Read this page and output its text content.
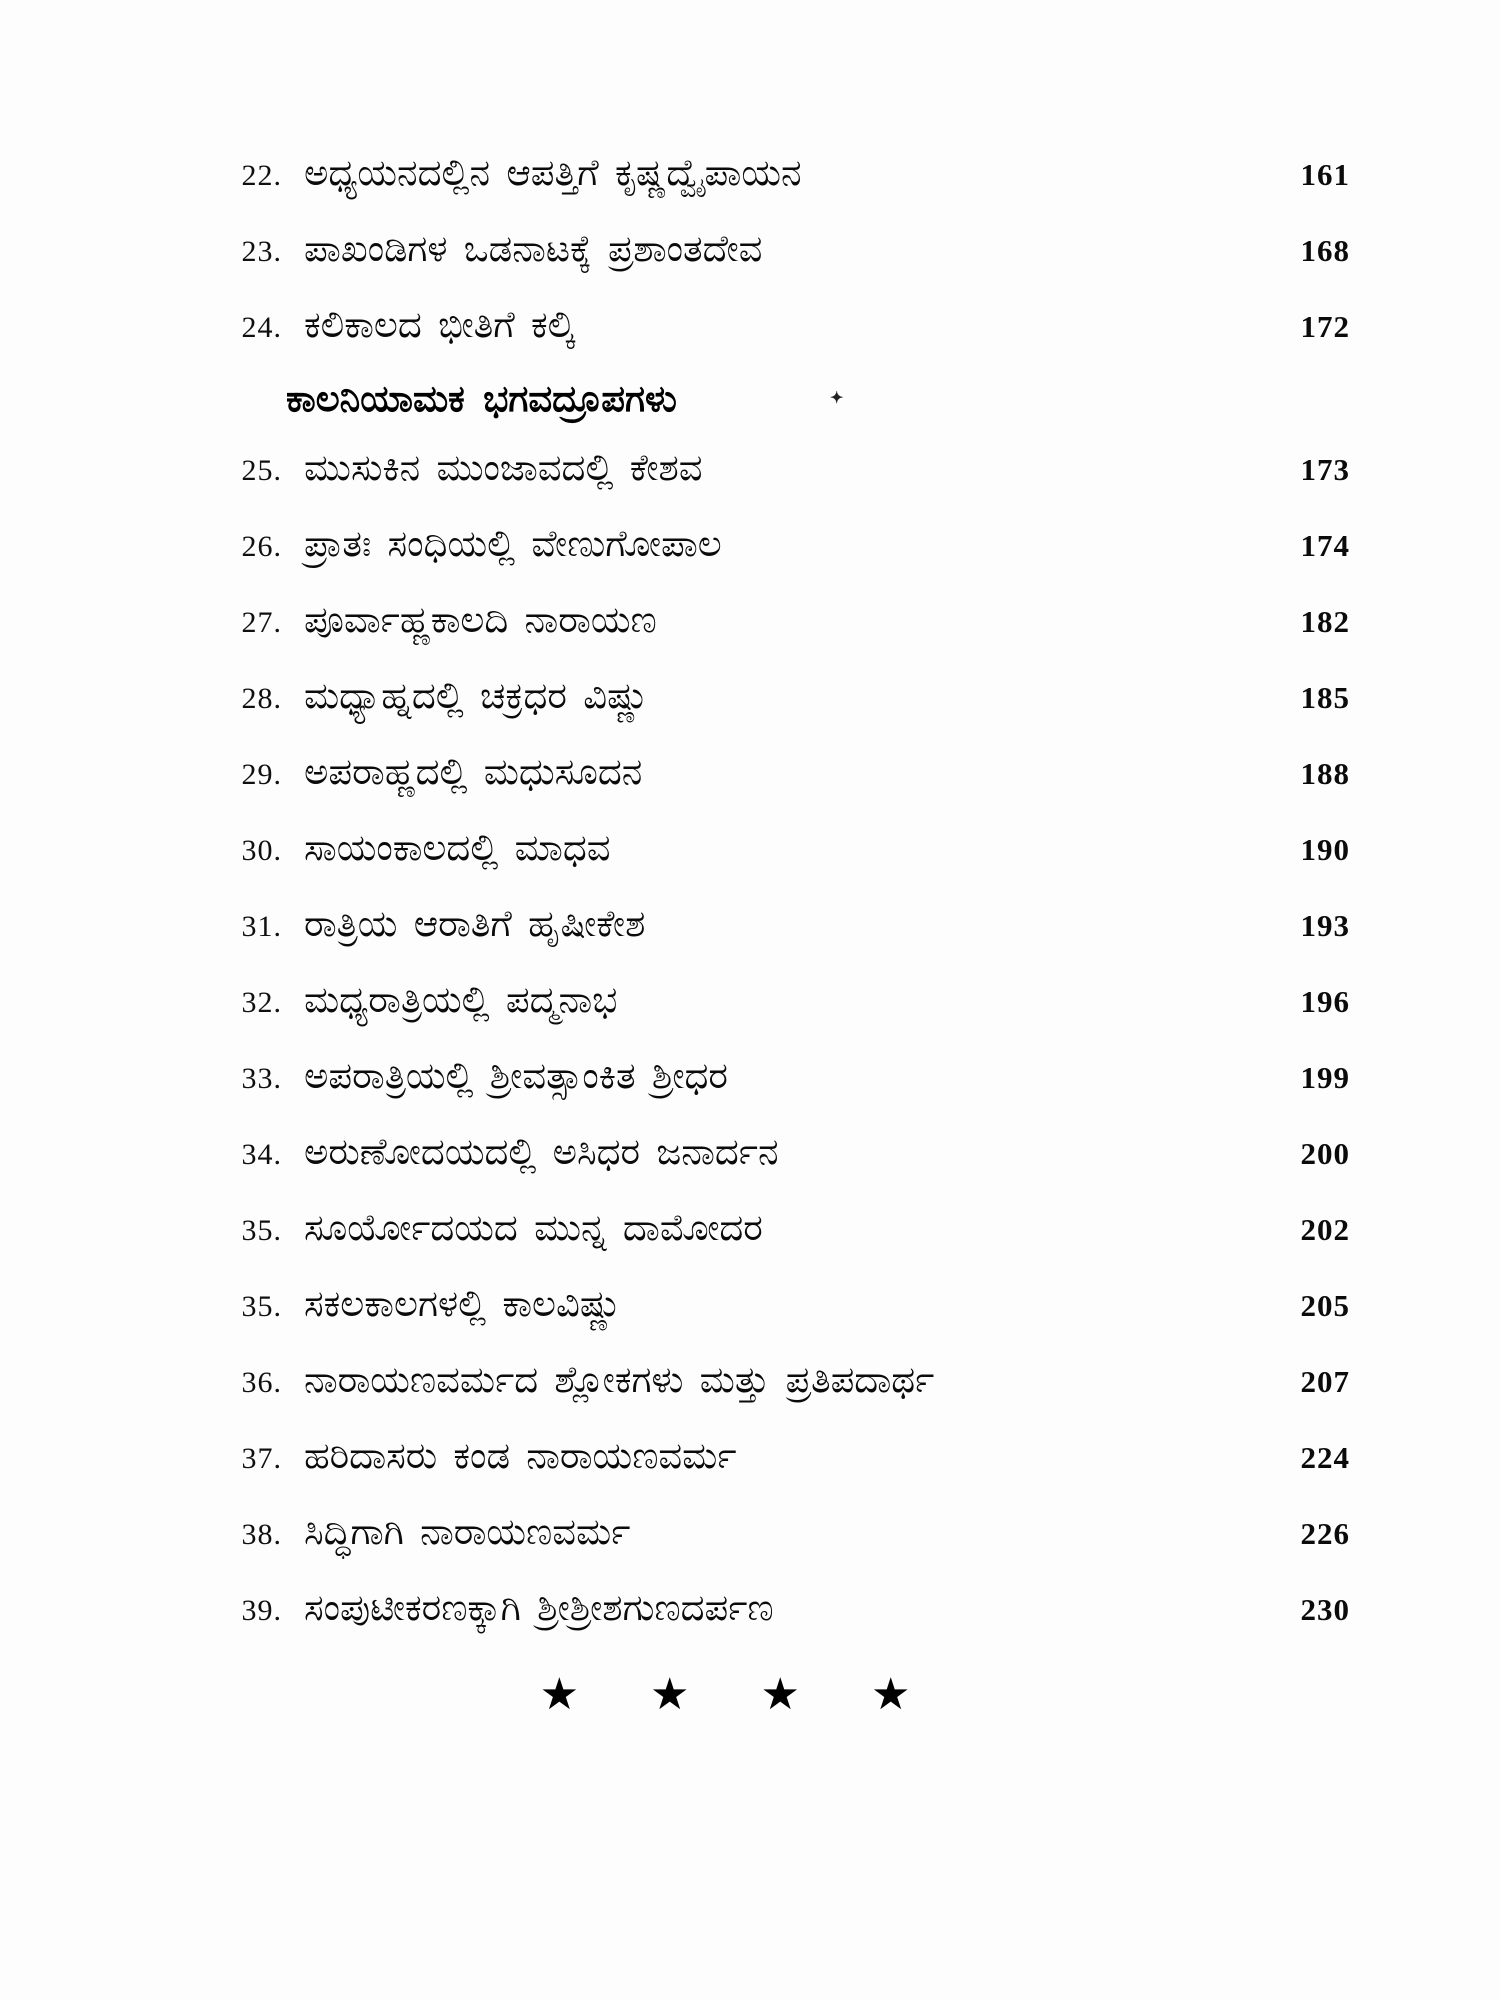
22. ಅಧ್ಯಯನದಲ್ಲಿನ ಆಪತ್ತಿಗೆ ಕೃಷ್ಣದ್ವೈಪಾಯನ	161
23. ಪಾಖಂಡಿಗಳ ಒಡನಾಟಕ್ಕೆ ಪ್ರಶಾಂತದೇವ	168
24. ಕಲಿಕಾಲದ ಭೀತಿಗೆ ಕಲ್ಕಿ	172
ಕಾಲನಿಯಾಮಕ ಭಗವದ್ರೂಪಗಳು	✦
25. ಮುಸುಕಿನ ಮುಂಜಾವದಲ್ಲಿ ಕೇಶವ	173
26. ಪ್ರಾತಃ ಸಂಧಿಯಲ್ಲಿ ವೇಣುಗೋಪಾಲ	174
27. ಪೂರ್ವಾಹ್ಣಕಾಲದಿ ನಾರಾಯಣ	182
28. ಮಧ್ಯಾಹ್ನದಲ್ಲಿ ಚಕ್ರಧರ ವಿಷ್ಣು	185
29. ಅಪರಾಹ್ಣದಲ್ಲಿ ಮಧುಸೂದನ	188
30. ಸಾಯಂಕಾಲದಲ್ಲಿ ಮಾಧವ	190
31. ರಾತ್ರಿಯ ಆರಾತಿಗೆ ಹೃಷೀಕೇಶ	193
32. ಮಧ್ಯರಾತ್ರಿಯಲ್ಲಿ ಪದ್ಮನಾಭ	196
33. ಅಪರಾತ್ರಿಯಲ್ಲಿ ಶ್ರೀವತ್ಸಾಂಕಿತ ಶ್ರೀಧರ	199
34. ಅರುಣೋದಯದಲ್ಲಿ ಅಸಿಧರ ಜನಾರ್ದನ	200
35. ಸೂರ್ಯೋದಯದ ಮುನ್ನ ದಾಮೋದರ	202
35. ಸಕಲಕಾಲಗಳಲ್ಲಿ ಕಾಲವಿಷ್ಣು	205
36. ನಾರಾಯಣವರ್ಮದ ಶ್ಲೋಕಗಳು ಮತ್ತು ಪ್ರತಿಪದಾರ್ಥ	207
37. ಹರಿದಾಸರು ಕಂಡ ನಾರಾಯಣವರ್ಮ	224
38. ಸಿದ್ಧಿಗಾಗಿ ನಾರಾಯಣವರ್ಮ	226
39. ಸಂಪುಟೀಕರಣಕ್ಕಾಗಿ ಶ್ರೀಶ್ರೀಶಗುಣದರ್ಪಣ	230
★ ★ ★ ★
